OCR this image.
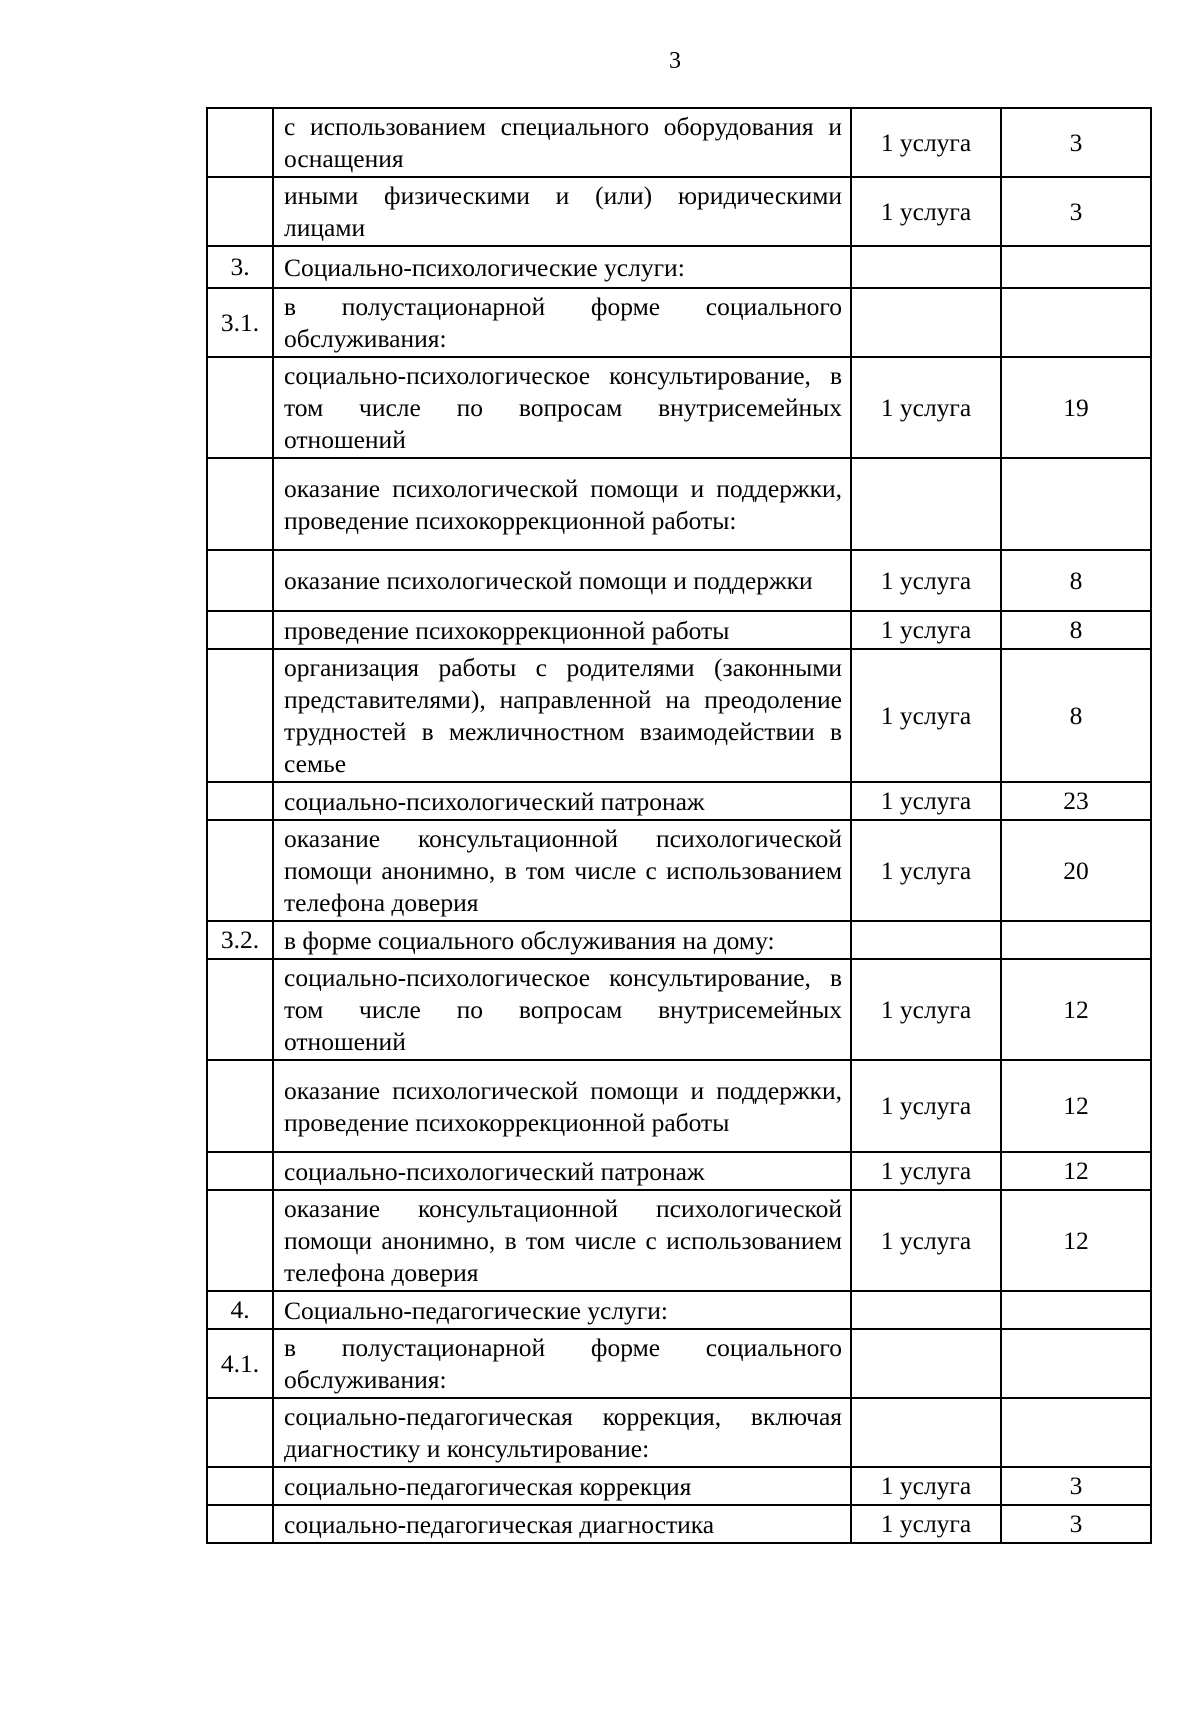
3
	с использованием специального оборудования и оснащения	1 услуга	3
	иными физическими и (или) юридическими лицами	1 услуга	3
3.	Социально-психологические услуги:		
3.1.	в полустационарной форме социального обслуживания:		
	социально-психологическое консультирование, в том числе по вопросам внутрисемейных отношений	1 услуга	19
	оказание психологической помощи и поддержки, проведение психокоррекционной работы:		
	оказание психологической помощи и поддержки	1 услуга	8
	проведение психокоррекционной работы	1 услуга	8
	организация работы с родителями (законными представителями), направленной на преодоление трудностей в межличностном взаимодействии в семье	1 услуга	8
	социально-психологический патронаж	1 услуга	23
	оказание консультационной психологической помощи анонимно, в том числе с использованием телефона доверия	1 услуга	20
3.2.	в форме социального обслуживания на дому:		
	социально-психологическое консультирование, в том числе по вопросам внутрисемейных отношений	1 услуга	12
	оказание психологической помощи и поддержки, проведение психокоррекционной работы	1 услуга	12
	социально-психологический патронаж	1 услуга	12
	оказание консультационной психологической помощи анонимно, в том числе с использованием телефона доверия	1 услуга	12
4.	Социально-педагогические услуги:		
4.1.	в полустационарной форме социального обслуживания:		
	социально-педагогическая коррекция, включая диагностику и консультирование:		
	социально-педагогическая коррекция	1 услуга	3
	социально-педагогическая диагностика	1 услуга	3
